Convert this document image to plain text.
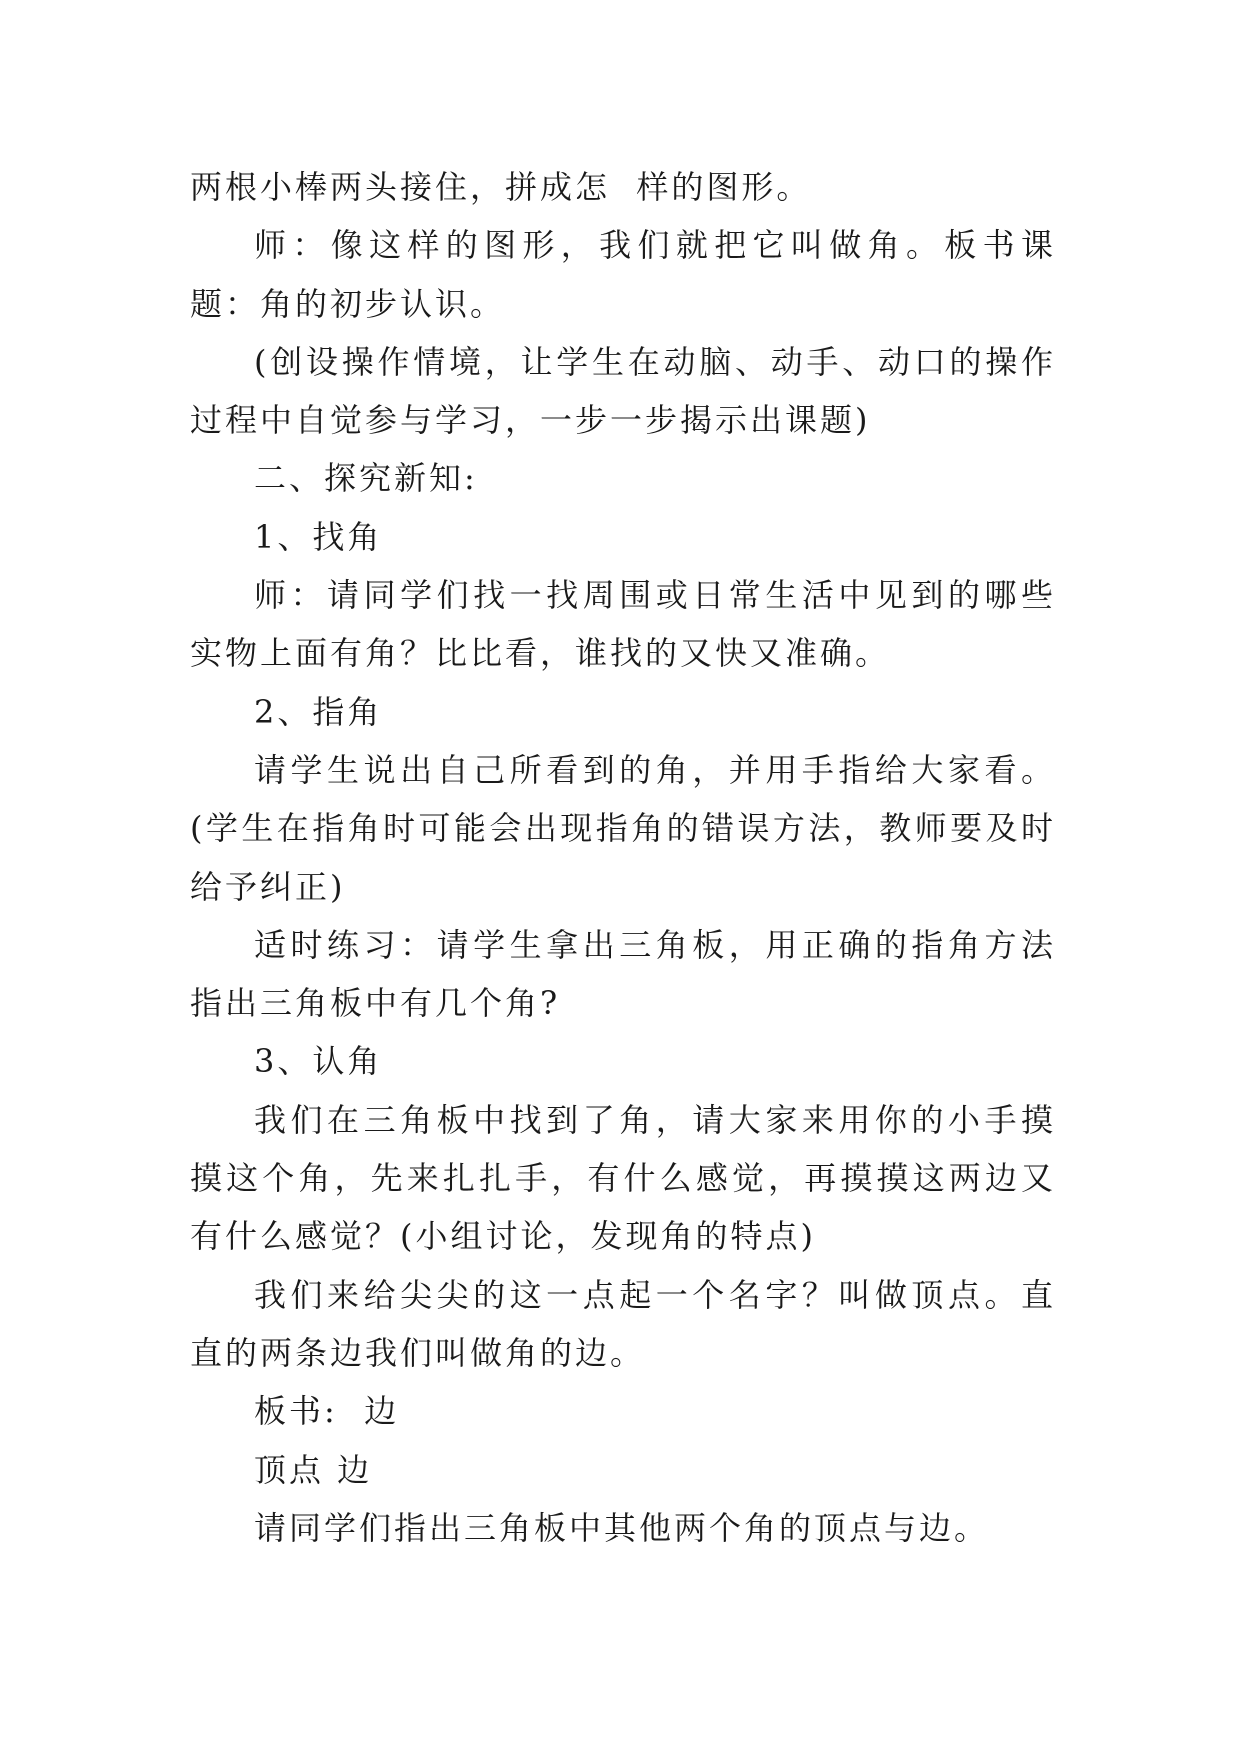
两根小棒两头接住，拼成怎  样的图形。

师：像这样的图形，我们就把它叫做角。板书课题：角的初步认识。

(创设操作情境，让学生在动脑、动手、动口的操作过程中自觉参与学习，一步一步揭示出课题)

二、探究新知:

1、找角

师：请同学们找一找周围或日常生活中见到的哪些实物上面有角？比比看，谁找的又快又准确。

2、指角

请学生说出自己所看到的角，并用手指给大家看。(学生在指角时可能会出现指角的错误方法，教师要及时给予纠正)

适时练习：请学生拿出三角板，用正确的指角方法指出三角板中有几个角?

3、认角

我们在三角板中找到了角，请大家来用你的小手摸摸这个角，先来扎扎手，有什么感觉，再摸摸这两边又有什么感觉？(小组讨论，发现角的特点)

我们来给尖尖的这一点起一个名字？叫做顶点。直直的两条边我们叫做角的边。

板书:  边

顶点 边

请同学们指出三角板中其他两个角的顶点与边。
